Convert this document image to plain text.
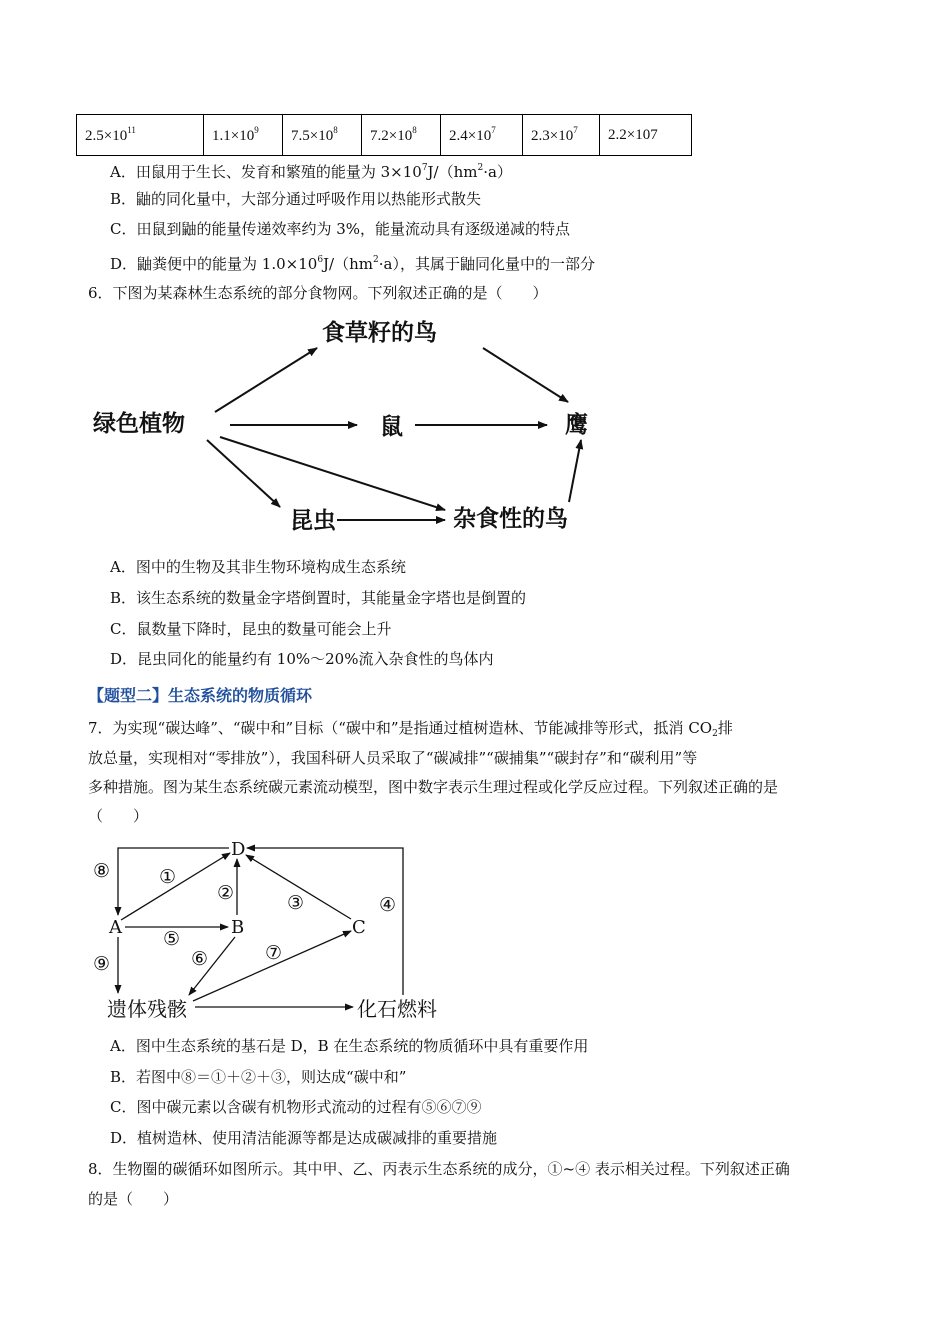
$2.5\times 10^{11}$	$1.1\times 10^9$	$7.5\times 10^8$	$7.2\times 10^8$	$2.4\times 10^7$	$2.3\times 10^7$	2.2×107
A．田鼠用于生长、发育和繁殖的能量为 $3\times 10^7J/(hm^2\cdot a)$
B．鼬的同化量中，大部分通过呼吸作用以热能形式散失
C．田鼠到鼬的能量传递效率约为 3%，能量流动具有逐级递减的特点
D．鼬粪便中的能量为 $1.0\times 10^6J/(hm^2\cdot a)$，其属于鼬同化量中的一部分
6．下图为某森林生态系统的部分食物网。下列叙述正确的是（　　）
绿色植物
食草籽的鸟
鼠	鹰
昆虫	杂食性的鸟
A．图中的生物及其非生物环境构成生态系统
B．该生态系统的数量金字塔倒置时，其能量金字塔也是倒置的
C．鼠数量下降时，昆虫的数量可能会上升
D．昆虫同化的能量约有 10%～20%流入杂食性的鸟体内
【题型二】生态系统的物质循环
7．为实现“碳达峰”、“碳中和”目标（“碳中和”是指通过植树造林、节能减排等形式，抵消 $CO_2$排
放总量，实现相对“零排放”），我国科研人员采取了“碳减排”“碳捕集”“碳封存”和“碳利用”等
多种措施。图为某生态系统碳元素流动模型，图中数字表示生理过程或化学反应过程。下列叙述正确的是
（　　）
D
A	B	C
遗体残骸	化石燃料
⑧	①
②	③	④
⑤
⑨	⑥	⑦
A．图中生态系统的基石是 D，B 在生态系统的物质循环中具有重要作用
B．若图中⑧＝①＋②＋③，则达成“碳中和”
C．图中碳元素以含碳有机物形式流动的过程有⑤⑥⑦⑨
D．植树造林、使用清洁能源等都是达成碳减排的重要措施
8．生物圈的碳循环如图所示。其中甲、乙、丙表示生态系统的成分，①~④ 表示相关过程。下列叙述正确
的是（　　）
